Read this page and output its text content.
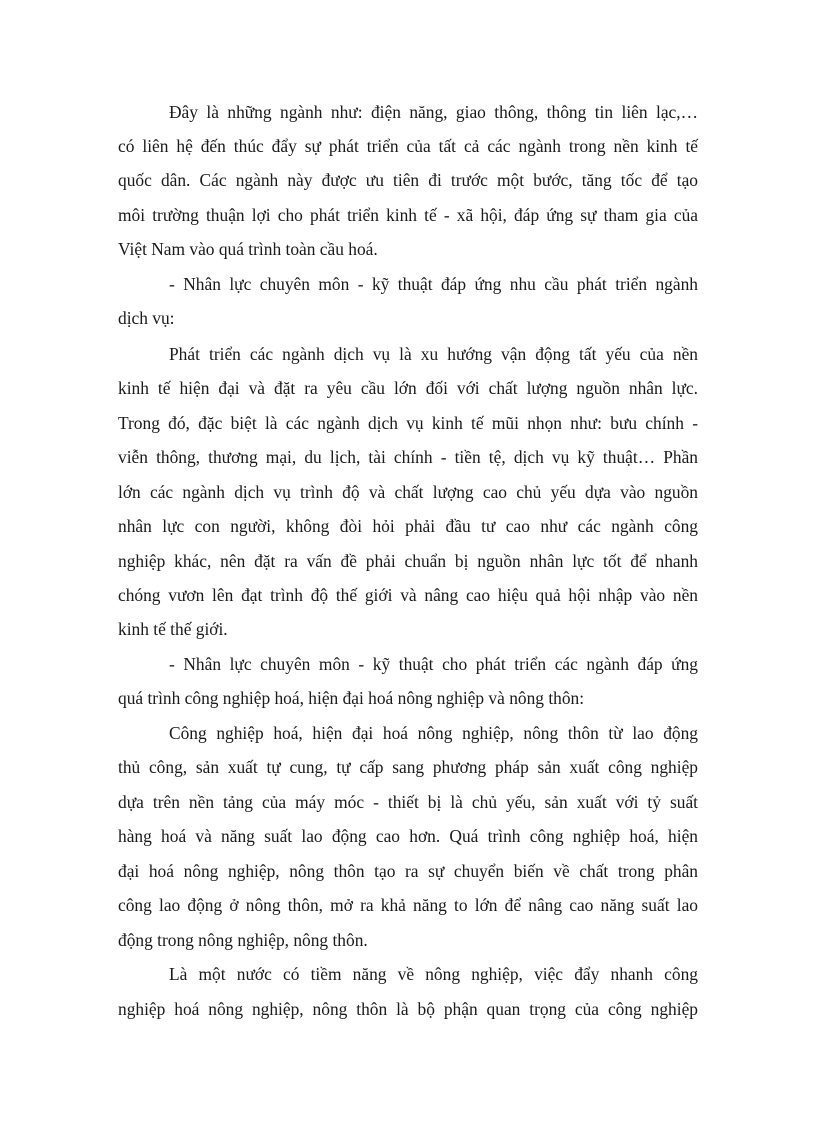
Đây là những ngành như: điện năng, giao thông, thông tin liên lạc,…
có liên hệ đến thúc đẩy sự phát triển của tất cả các ngành trong nền kinh tế
quốc dân. Các ngành này được ưu tiên đi trước một bước, tăng tốc để tạo
môi trường thuận lợi cho phát triển kinh tế - xã hội, đáp ứng sự tham gia của
Việt Nam vào quá trình toàn cầu hoá.
- Nhân lực chuyên môn - kỹ thuật đáp ứng nhu cầu phát triển ngành
dịch vụ:
Phát triển các ngành dịch vụ là xu hướng vận động tất yếu của nền
kinh tế hiện đại và đặt ra yêu cầu lớn đối với chất lượng nguồn nhân lực.
Trong đó, đặc biệt là các ngành dịch vụ kinh tế mũi nhọn như: bưu chính -
viễn thông, thương mại, du lịch, tài chính - tiền tệ, dịch vụ kỹ thuật… Phần
lớn các ngành dịch vụ trình độ và chất lượng cao chủ yếu dựa vào nguồn
nhân lực con người, không đòi hỏi phải đầu tư cao như các ngành công
nghiệp khác, nên đặt ra vấn đề phải chuẩn bị nguồn nhân lực tốt để nhanh
chóng vươn lên đạt trình độ thế giới và nâng cao hiệu quả hội nhập vào nền
kinh tế thế giới.
- Nhân lực chuyên môn - kỹ thuật cho phát triển các ngành đáp ứng
quá trình công nghiệp hoá, hiện đại hoá nông nghiệp và nông thôn:
Công nghiệp hoá, hiện đại hoá nông nghiệp, nông thôn từ lao động
thủ công, sản xuất tự cung, tự cấp sang phương pháp sản xuất công nghiệp
dựa trên nền tảng của máy móc - thiết bị là chủ yếu, sản xuất với tỷ suất
hàng hoá và năng suất lao động cao hơn. Quá trình công nghiệp hoá, hiện
đại hoá nông nghiệp, nông thôn tạo ra sự chuyển biến về chất trong phân
công lao động ở nông thôn, mở ra khả năng to lớn để nâng cao năng suất lao
động trong nông nghiệp, nông thôn.
Là một nước có tiềm năng về nông nghiệp, việc đẩy nhanh công
nghiệp hoá nông nghiệp, nông thôn là bộ phận quan trọng của công nghiệp
